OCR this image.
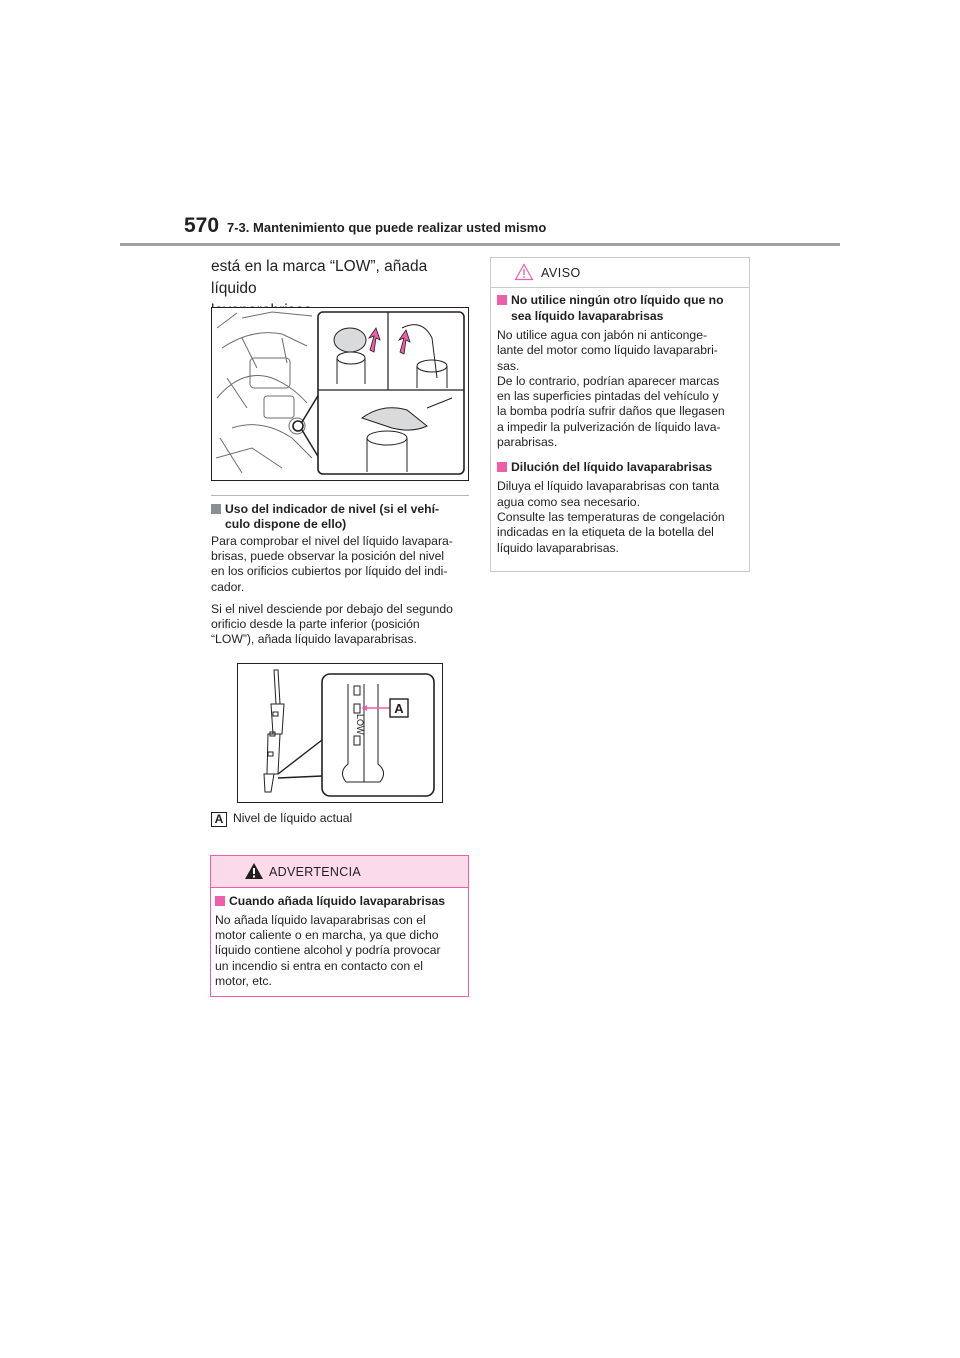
570 7-3. Mantenimiento que puede realizar usted mismo
está en la marca “LOW”, añada líquido
Uso del indicador de nivel (si el vehí-
culo dispone de ello)
Para comprobar el nivel del líquido lavapara-
brisas, puede observar la posición del nivel
en los orificios cubiertos por líquido del indi-
cador.
Si el nivel desciende por debajo del segundo
orificio desde la parte inferior (posición
“LOW”), añada líquido lavaparabrisas.
LOW
A
A Nivel de líquido actual
ADVERTENCIA
Cuando añada líquido lavaparabrisas
No añada líquido lavaparabrisas con el
motor caliente o en marcha, ya que dicho
líquido contiene alcohol y podría provocar
un incendio si entra en contacto con el
motor, etc.
AVISO
No utilice ningún otro líquido que no
sea líquido lavaparabrisas
No utilice agua con jabón ni anticonge-
lante del motor como líquido lavaparabri-
sas.
De lo contrario, podrían aparecer marcas
en las superficies pintadas del vehículo y
la bomba podría sufrir daños que llegasen
a impedir la pulverización de líquido lava-
parabrisas.
Dilución del líquido lavaparabrisas
Diluya el líquido lavaparabrisas con tanta
agua como sea necesario.
Consulte las temperaturas de congelación
indicadas en la etiqueta de la botella del
líquido lavaparabrisas.
